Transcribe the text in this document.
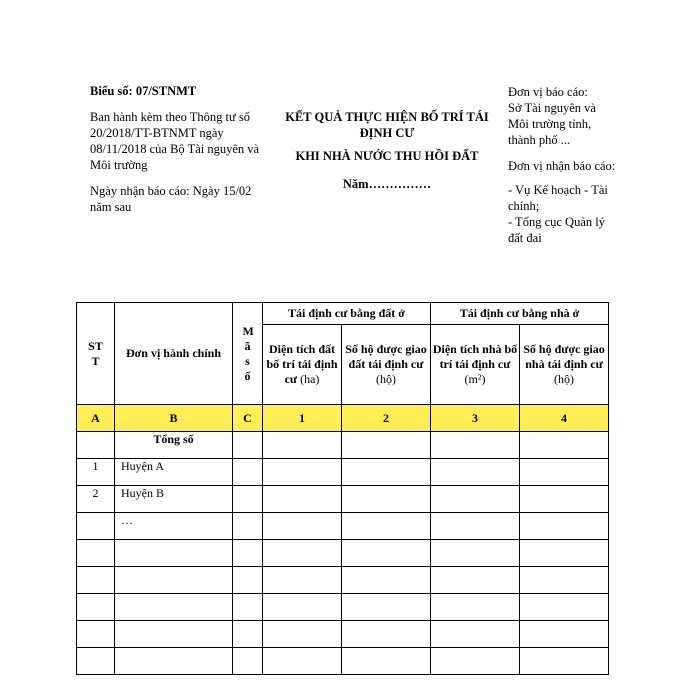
Biểu số: 07/STNMT

Ban hành kèm theo Thông tư số 20/2018/TT-BTNMT ngày 08/11/2018 của Bộ Tài nguyên và Môi trường

Ngày nhận báo cáo: Ngày 15/02 năm sau

KẾT QUẢ THỰC HIỆN BỐ TRÍ TÁI ĐỊNH CƯ
KHI NHÀ NƯỚC THU HỒI ĐẤT
Năm……………
Đơn vị báo cáo:
Sở Tài nguyên và Môi trường tỉnh, thành phố ...
Đơn vị nhận báo cáo:
- Vụ Kế hoạch - Tài chính;
- Tổng cục Quản lý đất đai
STT	Đơn vị hành chính	Mã số	Tái định cư bằng đất ở		Tái định cư bằng nhà ở	
			Diện tích đất bố trí tái định cư (ha)	Số hộ được giao đất tái định cư (hộ)	Diện tích nhà bố trí tái định cư (m²)	Số hộ được giao nhà tái định cư (hộ)
A	B	C	1	2	3	4
	Tổng số					
1	Huyện A					
2	Huyện B					
	…					
